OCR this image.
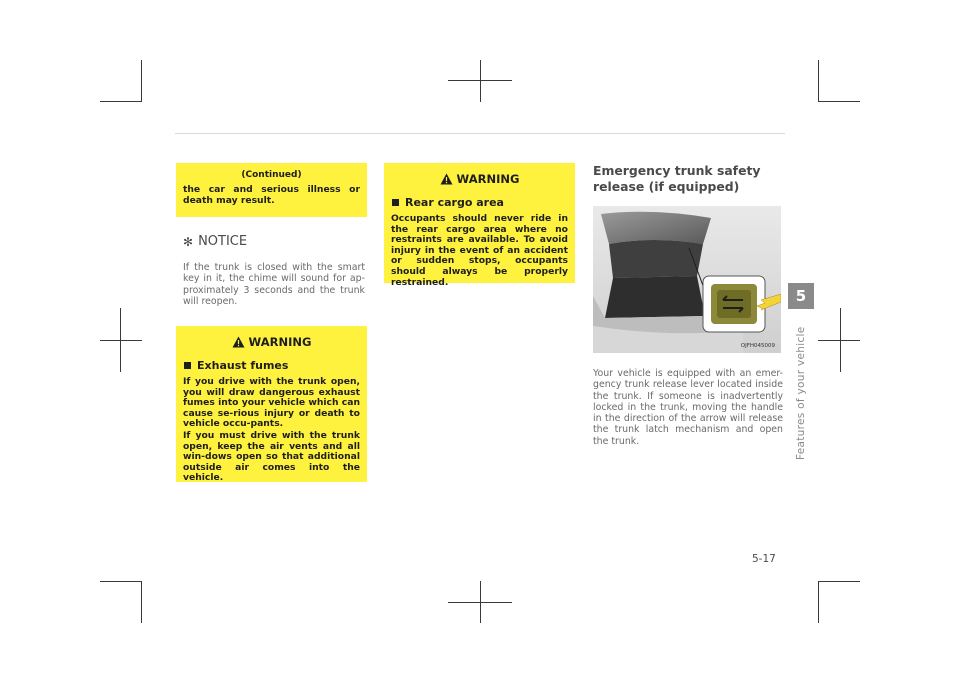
(Continued)
the car and serious illness or death may result.
✻ NOTICE
If the trunk is closed with the smart key in it, the chime will sound for ap-proximately 3 seconds and the trunk will reopen.
WARNING
Exhaust fumes
If you drive with the trunk open, you will draw dangerous exhaust fumes into your vehicle which can cause se-rious injury or death to vehicle occu-pants.
If you must drive with the trunk open, keep the air vents and all win-dows open so that additional outside air comes into the vehicle.
WARNING
Rear cargo area
Occupants should never ride in the rear cargo area where no restraints are available. To avoid injury in the event of an accident or sudden stops, occupants should always be properly restrained.
Emergency trunk safety release (if equipped)
OJFH045009
Your vehicle is equipped with an emer-gency trunk release lever located inside the trunk. If someone is inadvertently locked in the trunk, moving the handle in the direction of the arrow will release the trunk latch mechanism and open the trunk.
5
Features of your vehicle
5-17
